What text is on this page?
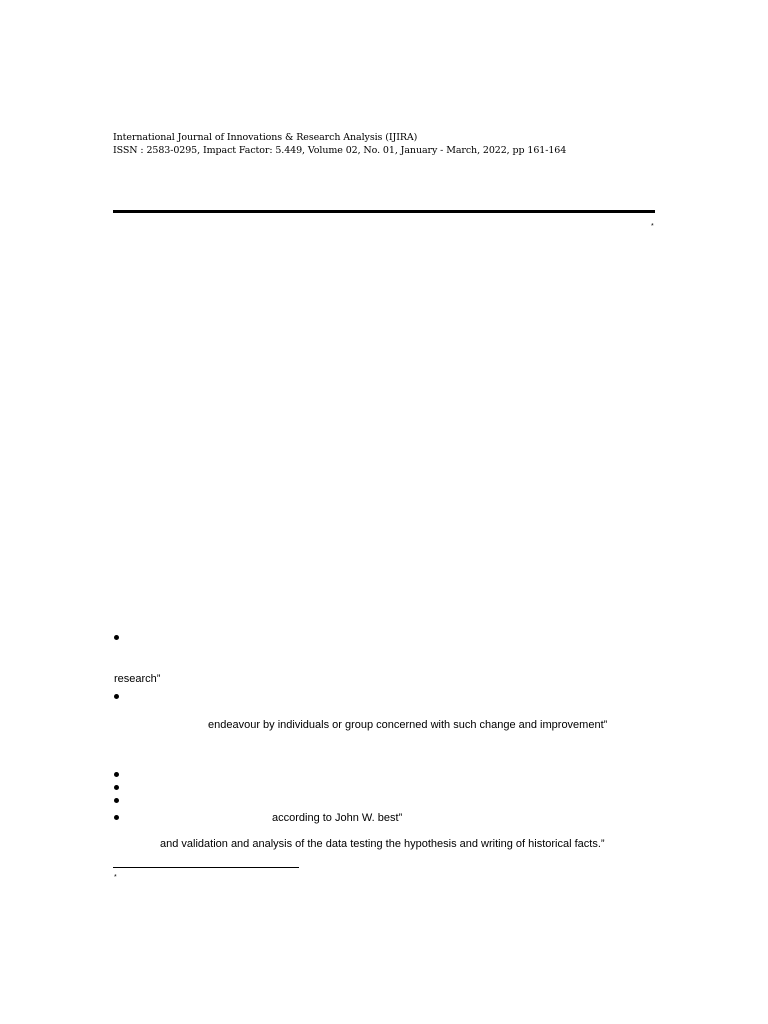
International Journal of Innovations & Research Analysis (IJIRA)
ISSN : 2583-0295, Impact Factor: 5.449, Volume 02, No. 01, January - March, 2022, pp 161-164
*
research”
endeavour by individuals or group concerned with such change and improvement”
according to John W. best”
and validation and analysis of the data testing the hypothesis and writing of historical facts.”
*
